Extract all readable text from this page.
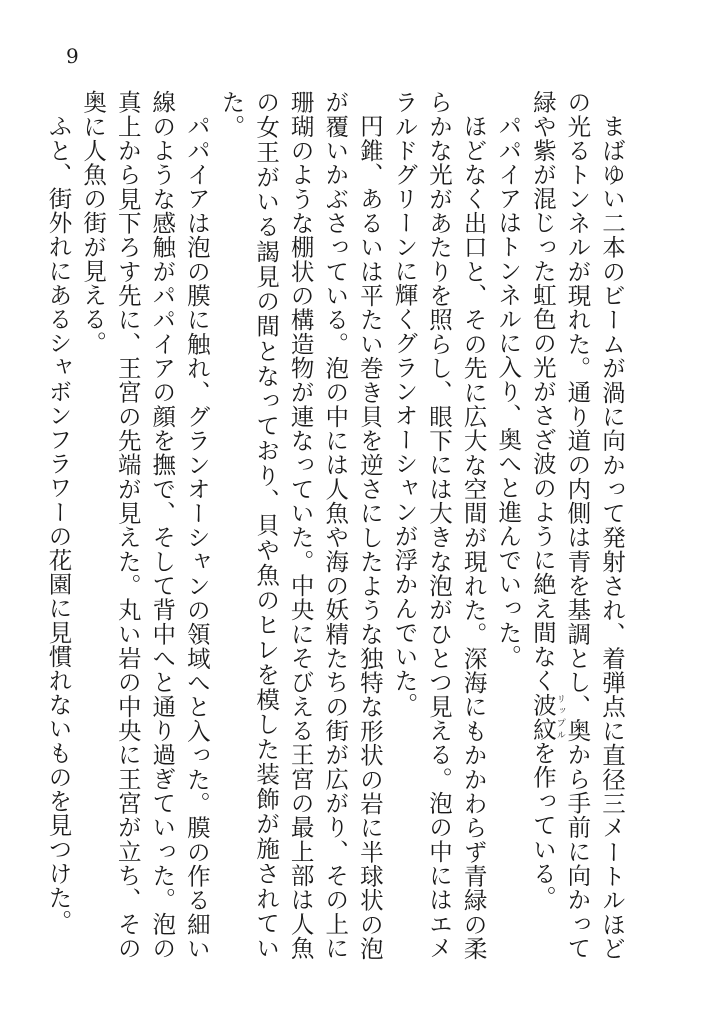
9

まばゆい二本のビームが渦に向かって発射され、着弾点に直径三メートルほどの光るトンネルが現れた。通り道の内側は青を基調とし、奥から手前に向かって緑や紫が混じった虹色の光がさざ波のように絶え間なく波紋リップルを作っている。

パパイアはトンネルに入り、奥へと進んでいった。

ほどなく出口と、その先に広大な空間が現れた。深海にもかかわらず青緑の柔らかな光があたりを照らし、眼下には大きな泡がひとつ見える。泡の中にはエメラルドグリーンに輝くグランオーシャンが浮かんでいた。

円錐、あるいは平たい巻き貝を逆さにしたような独特な形状の岩に半球状の泡が覆いかぶさっている。泡の中には人魚や海の妖精たちの街が広がり、その上に珊瑚のような棚状の構造物が連なっていた。中央にそびえる王宮の最上部は人魚の女王がいる謁見の間となっており、貝や魚のヒレを模した装飾が施されていた。

パパイアは泡の膜に触れ、グランオーシャンの領域へと入った。膜の作る細い線のような感触がパパイアの顔を撫で、そして背中へと通り過ぎていった。泡の真上から見下ろす先に、王宮の先端が見えた。丸い岩の中央に王宮が立ち、その奥に人魚の街が見える。

ふと、街外れにあるシャボンフラワーの花園に見慣れないものを見つけた。
